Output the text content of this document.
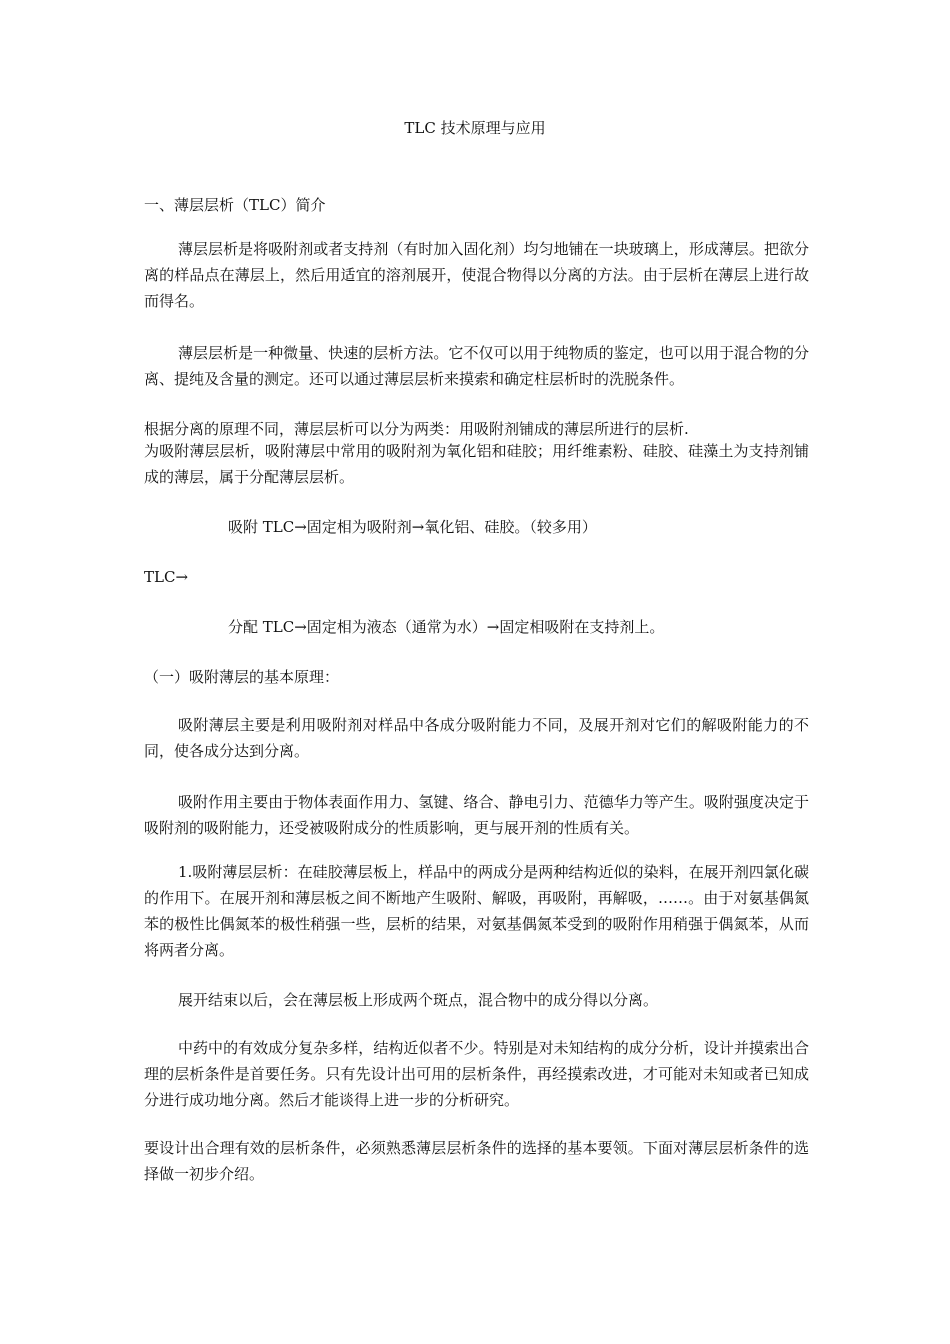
TLC 技术原理与应用
一、薄层层析（TLC）简介
薄层层析是将吸附剂或者支持剂（有时加入固化剂）均匀地铺在一块玻璃上，形成薄层。把欲分离的样品点在薄层上，然后用适宜的溶剂展开，使混合物得以分离的方法。由于层析在薄层上进行故而得名。
薄层层析是一种微量、快速的层析方法。它不仅可以用于纯物质的鉴定，也可以用于混合物的分离、提纯及含量的测定。还可以通过薄层层析来摸索和确定柱层析时的洗脱条件。
根据分离的原理不同，薄层层析可以分为两类：用吸附剂铺成的薄层所进行的层析.
为吸附薄层层析，吸附薄层中常用的吸附剂为氧化铝和硅胶；用纤维素粉、硅胶、硅藻土为支持剂铺成的薄层，属于分配薄层层析。
吸附 TLC→固定相为吸附剂→氧化铝、硅胶。（较多用）
TLC→
分配 TLC→固定相为液态（通常为水）→固定相吸附在支持剂上。
（一）吸附薄层的基本原理：
吸附薄层主要是利用吸附剂对样品中各成分吸附能力不同，及展开剂对它们的解吸附能力的不同，使各成分达到分离。
吸附作用主要由于物体表面作用力、氢键、络合、静电引力、范德华力等产生。吸附强度决定于吸附剂的吸附能力，还受被吸附成分的性质影响，更与展开剂的性质有关。
1.吸附薄层层析：在硅胶薄层板上，样品中的两成分是两种结构近似的染料，在展开剂四氯化碳的作用下。在展开剂和薄层板之间不断地产生吸附、解吸，再吸附，再解吸，……。由于对氨基偶氮苯的极性比偶氮苯的极性稍强一些，层析的结果，对氨基偶氮苯受到的吸附作用稍强于偶氮苯，从而将两者分离。
展开结束以后，会在薄层板上形成两个斑点，混合物中的成分得以分离。
中药中的有效成分复杂多样，结构近似者不少。特别是对未知结构的成分分析，设计并摸索出合理的层析条件是首要任务。只有先设计出可用的层析条件，再经摸索改进，才可能对未知或者已知成分进行成功地分离。然后才能谈得上进一步的分析研究。
要设计出合理有效的层析条件，必须熟悉薄层层析条件的选择的基本要领。下面对薄层层析条件的选择做一初步介绍。
